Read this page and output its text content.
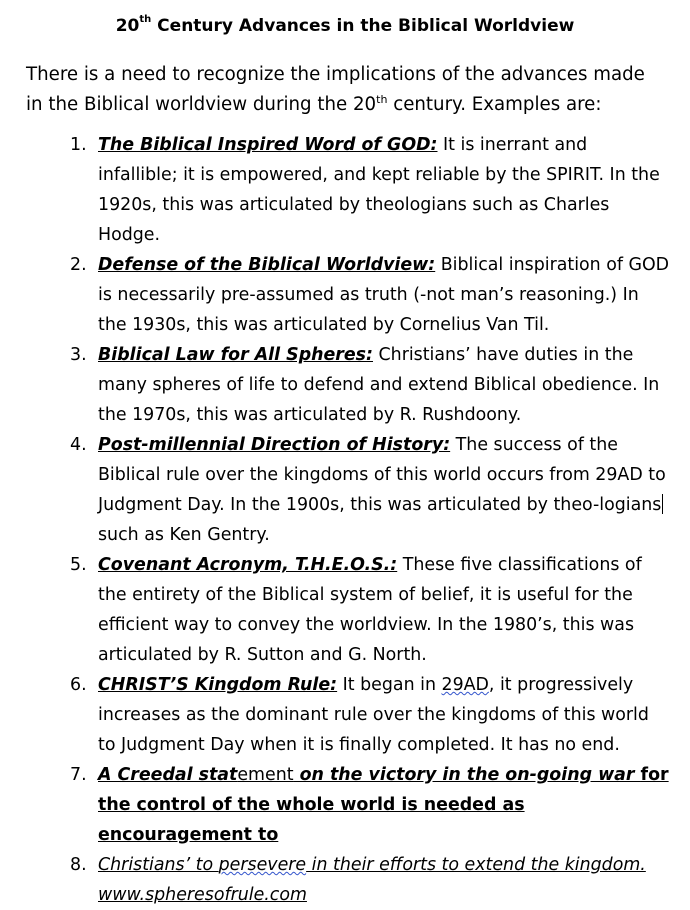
20th Century Advances in the Biblical Worldview
There is a need to recognize the implications of the advances made in the Biblical worldview during the 20th century. Examples are:
1. The Biblical Inspired Word of GOD: It is inerrant and infallible; it is empowered, and kept reliable by the SPIRIT. In the 1920s, this was articulated by theologians such as Charles Hodge.
2. Defense of the Biblical Worldview: Biblical inspiration of GOD is necessarily pre-assumed as truth (-not man’s reasoning.) In the 1930s, this was articulated by Cornelius Van Til.
3. Biblical Law for All Spheres: Christians’ have duties in the many spheres of life to defend and extend Biblical obedience. In the 1970s, this was articulated by R. Rushdoony.
4. Post-millennial Direction of History: The success of the Biblical rule over the kingdoms of this world occurs from 29AD to Judgment Day. In the 1900s, this was articulated by theo-logianssuch as Ken Gentry.
5. Covenant Acronym, T.H.E.O.S.: These five classifications of the entirety of the Biblical system of belief, it is useful for the efficient way to convey the worldview. In the 1980’s, this was articulated by R. Sutton and G. North.
6. CHRIST’S Kingdom Rule: It began in 29AD, it progressively increases as the dominant rule over the kingdoms of this world to Judgment Day when it is finally completed. It has no end.
7. A Creedal statement on the victory in the on-going war for the control of the whole world is needed as encouragement to
8. Christians’ to persevere in their efforts to extend the kingdom.
www.spheresofrule.com
